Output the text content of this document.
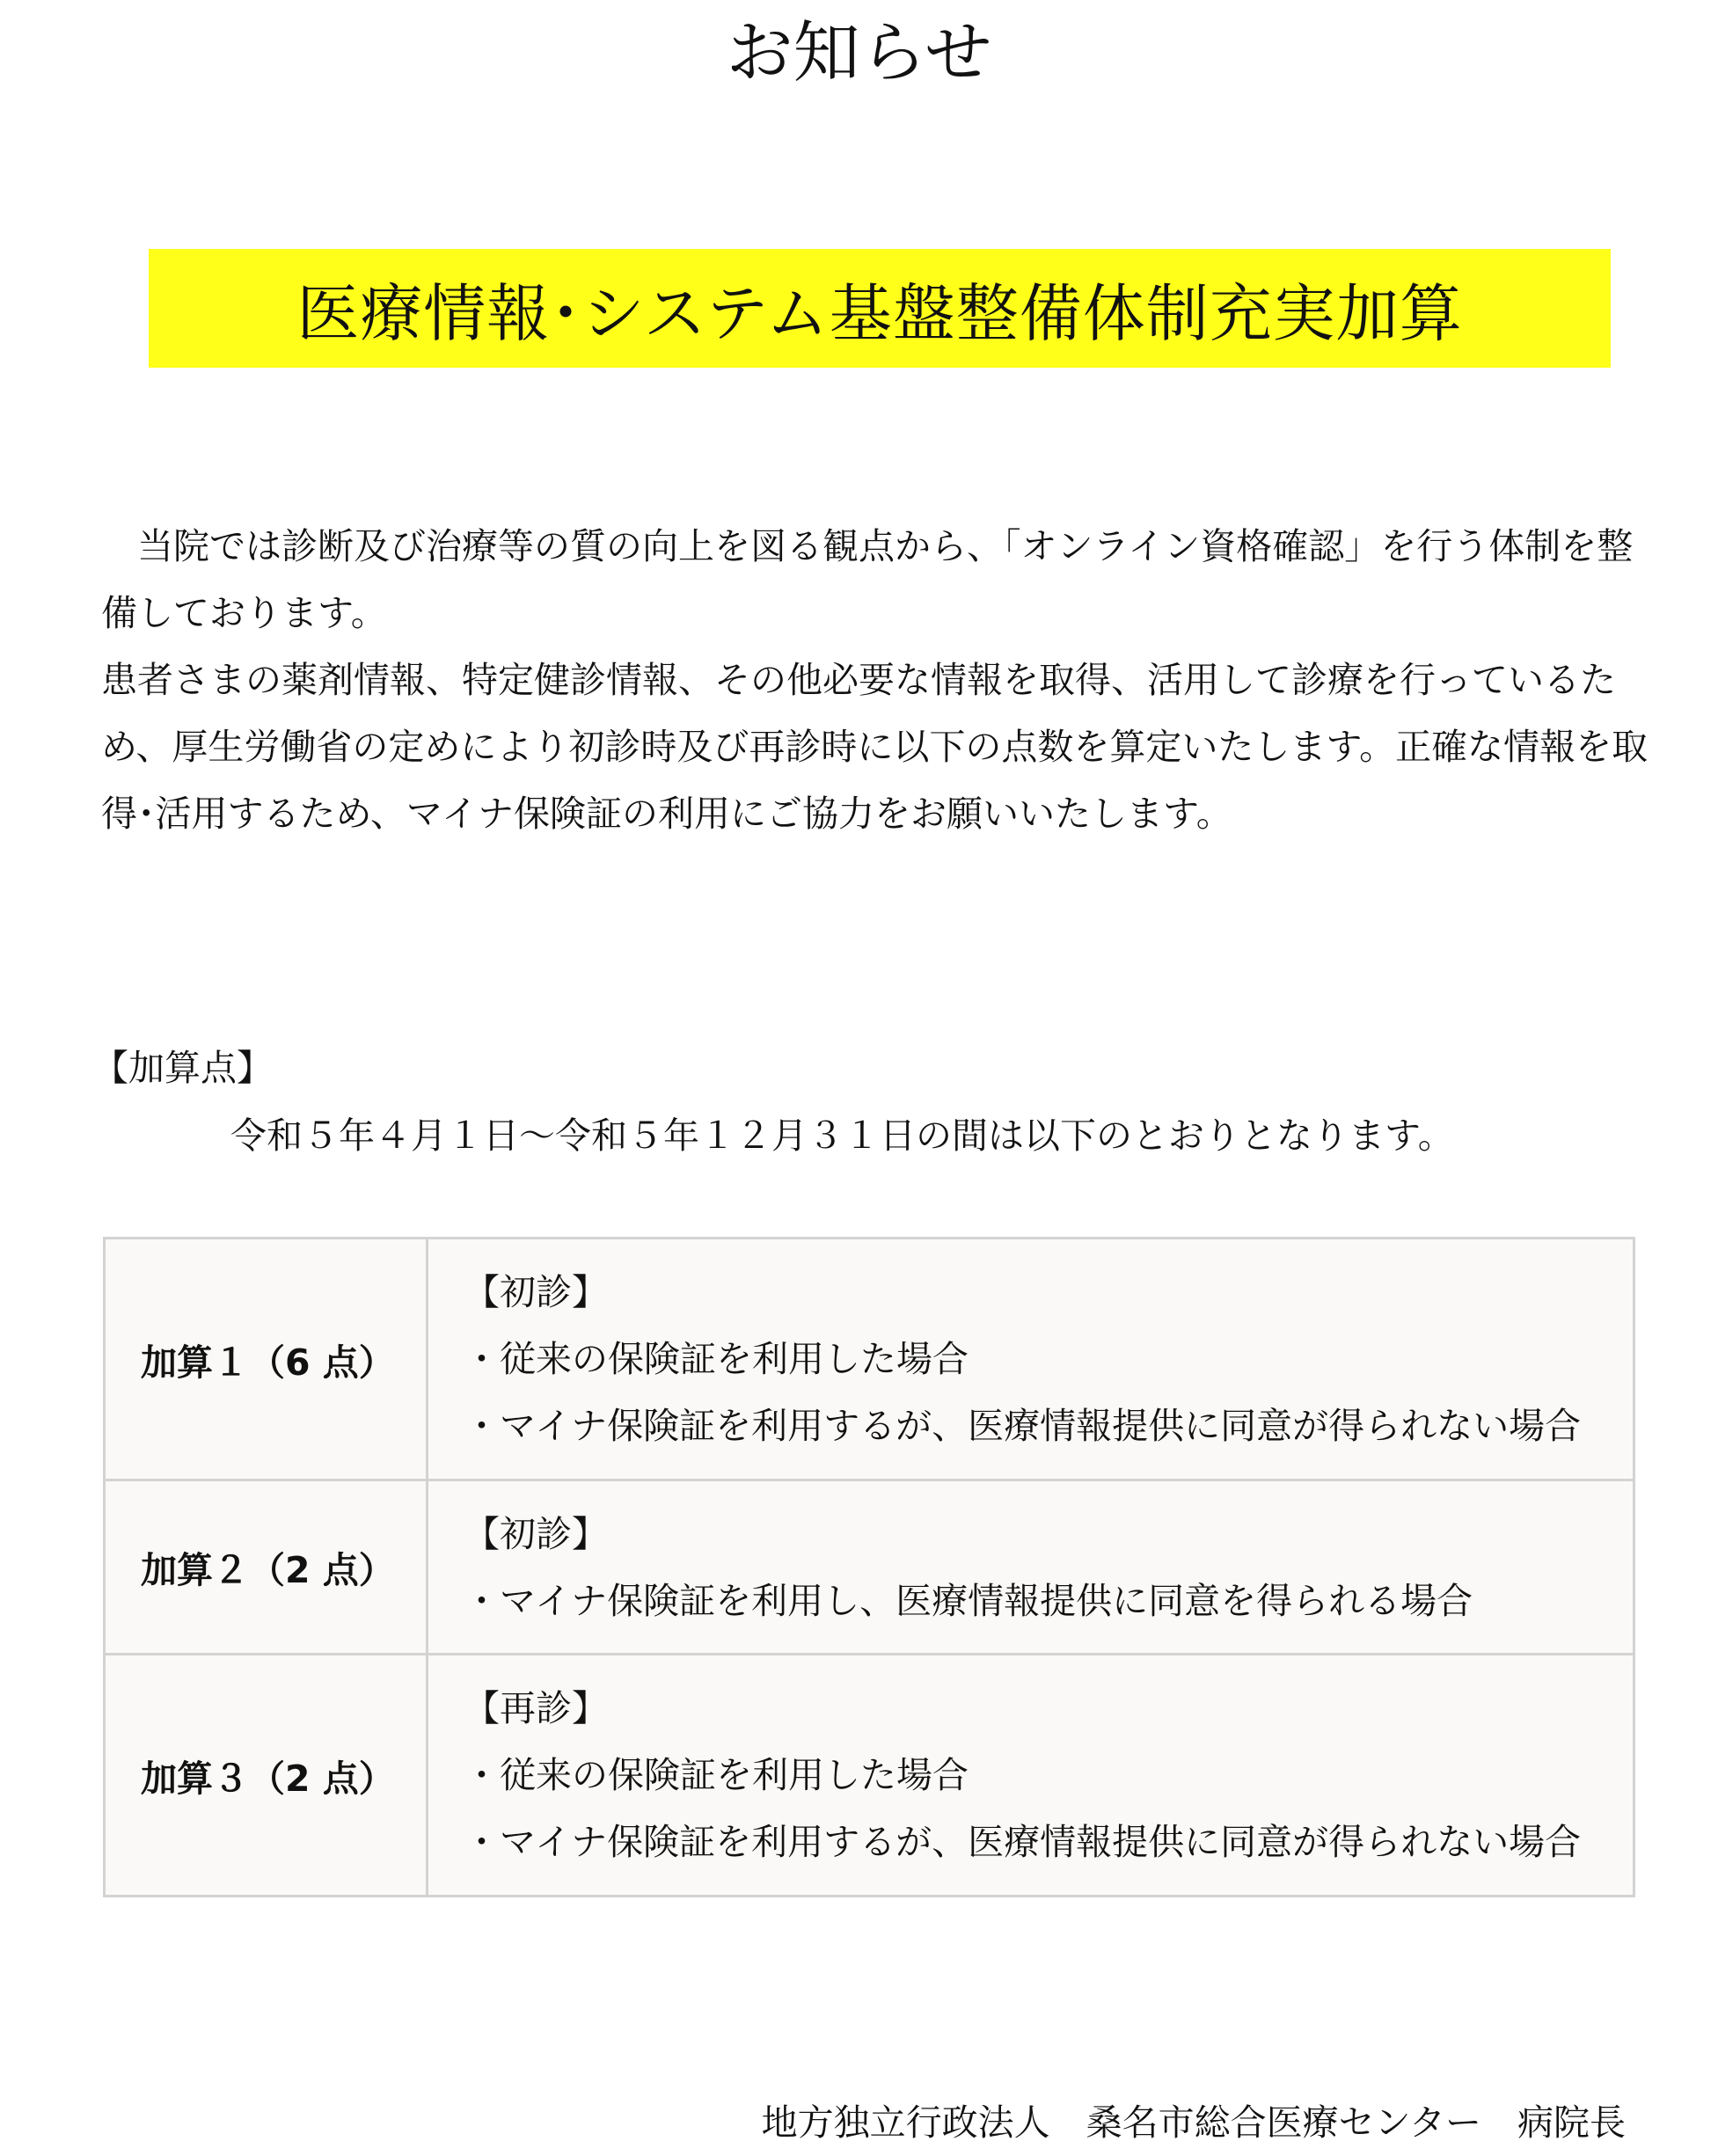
お知らせ
医療情報･システム基盤整備体制充実加算

　当院では診断及び治療等の質の向上を図る観点から、「オンライン資格確認」を行う体制を整備しております。

患者さまの薬剤情報、特定健診情報、その他必要な情報を取得、活用して診療を行っているため、厚生労働省の定めにより初診時及び再診時に以下の点数を算定いたします。正確な情報を取得･活用するため、マイナ保険証の利用にご協力をお願いいたします。

【加算点】

令和５年４月１日～令和５年１２月３１日の間は以下のとおりとなります。

加算１（6 点）	【初診】
・従来の保険証を利用した場合
・マイナ保険証を利用するが、医療情報提供に同意が得られない場合

加算２（2 点）	【初診】
・マイナ保険証を利用し、医療情報提供に同意を得られる場合

加算３（2 点）	【再診】
・従来の保険証を利用した場合
・マイナ保険証を利用するが、医療情報提供に同意が得られない場合

地方独立行政法人　桑名市総合医療センター　病院長
